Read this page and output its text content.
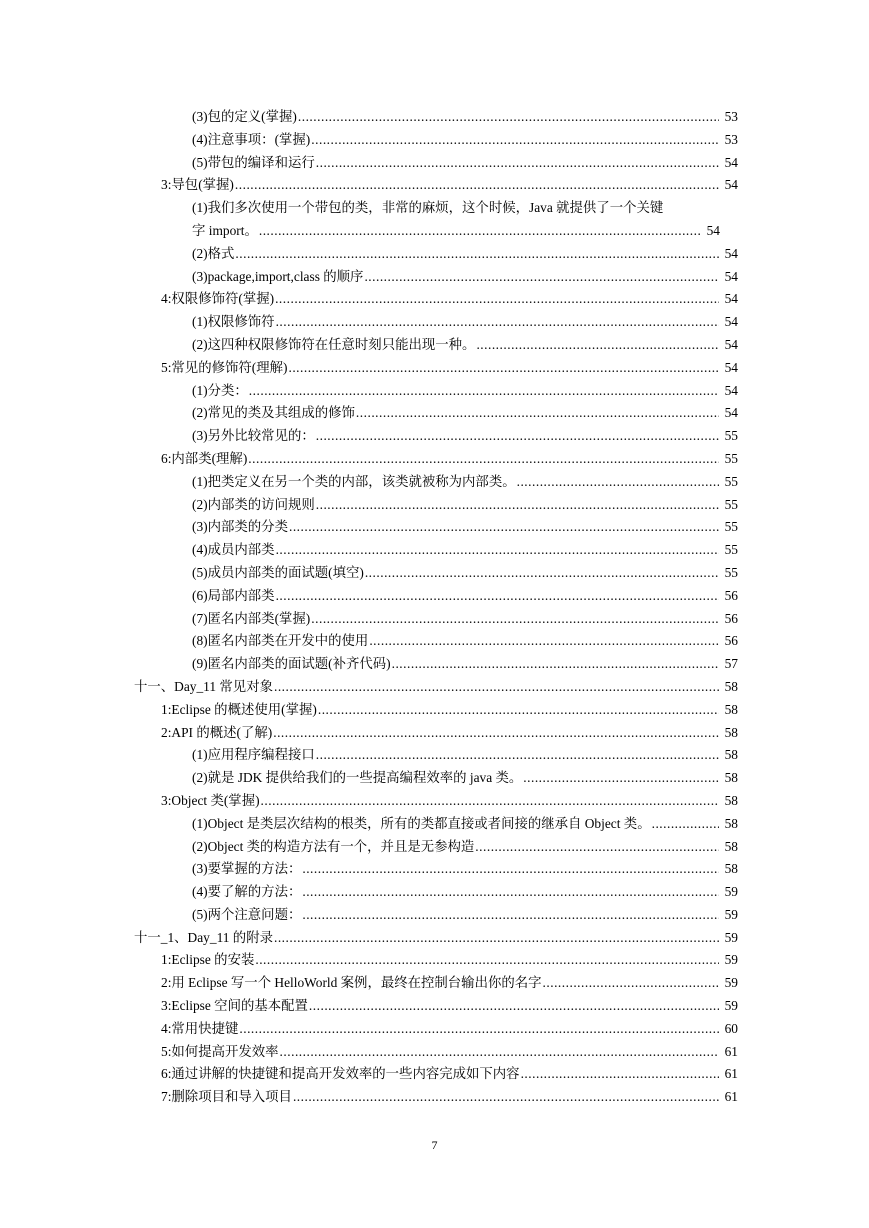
(3)包的定义(掌握) .....	53
(4)注意事项：(掌握) .....	53
(5)带包的编译和运行 .....	54
3:导包(掌握) .....	54
(1)我们多次使用一个带包的类，非常的麻烦，这个时候，Java 就提供了一个关键
字 import。 .....	54
(2)格式 .....	54
(3)package,import,class 的顺序 .....	54
4:权限修饰符(掌握) .....	54
(1)权限修饰符 .....	54
(2)这四种权限修饰符在任意时刻只能出现一种。 .....	54
5:常见的修饰符(理解) .....	54
(1)分类： .....	54
(2)常见的类及其组成的修饰 .....	54
(3)另外比较常见的： .....	55
6:内部类(理解) .....	55
(1)把类定义在另一个类的内部，该类就被称为内部类。 .....	55
(2)内部类的访问规则 .....	55
(3)内部类的分类 .....	55
(4)成员内部类 .....	55
(5)成员内部类的面试题(填空) .....	55
(6)局部内部类 .....	56
(7)匿名内部类(掌握) .....	56
(8)匿名内部类在开发中的使用 .....	56
(9)匿名内部类的面试题(补齐代码) .....	57
十一、Day_11 常见对象 .....	58
1:Eclipse 的概述使用(掌握) .....	58
2:API 的概述(了解) .....	58
(1)应用程序编程接口 .....	58
(2)就是 JDK 提供给我们的一些提高编程效率的 java 类。 .....	58
3:Object 类(掌握) .....	58
(1)Object 是类层次结构的根类，所有的类都直接或者间接的继承自 Object 类。 .....	58
(2)Object 类的构造方法有一个，并且是无参构造 .....	58
(3)要掌握的方法： .....	58
(4)要了解的方法： .....	59
(5)两个注意问题： .....	59
十一_1、Day_11 的附录 .....	59
1:Eclipse 的安装 .....	59
2:用 Eclipse 写一个 HelloWorld 案例，最终在控制台输出你的名字 .....	59
3:Eclipse 空间的基本配置 .....	59
4:常用快捷键 .....	60
5:如何提高开发效率 .....	61
6:通过讲解的快捷键和提高开发效率的一些内容完成如下内容 .....	61
7:删除项目和导入项目 .....	61
7
